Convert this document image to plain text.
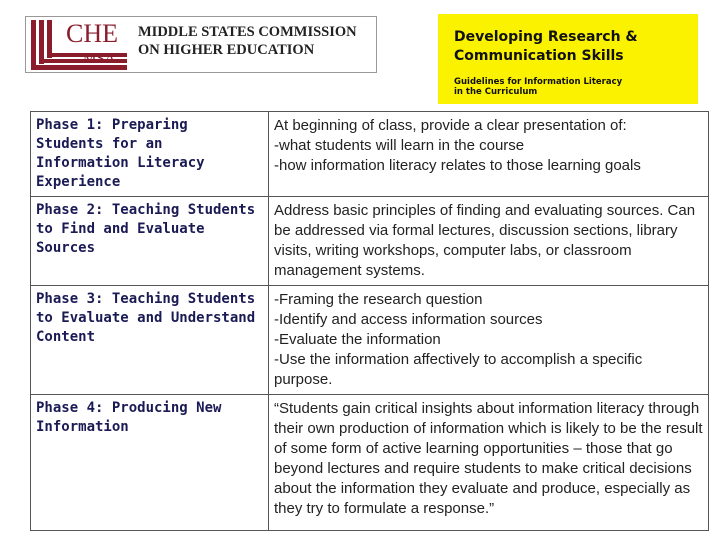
CHE
MSA
MIDDLE STATES COMMISSION
ON HIGHER EDUCATION
Developing Research &
Communication Skills
Guidelines for Information Literacy
in the Curriculum
Phase 1: Preparing Students for an Information Literacy Experience	At beginning of class, provide a clear presentation of:
-what students will learn in the course
-how information literacy relates to those learning goals

Phase 2: Teaching Students to Find and Evaluate Sources	Address basic principles of finding and evaluating sources. Can be addressed via formal lectures, discussion sections, library visits, writing workshops, computer labs, or classroom management systems.
Phase 3: Teaching Students to Evaluate and Understand Content	-Framing the research question
-Identify and access information sources
-Evaluate the information
-Use the information affectively to accomplish a specific purpose.

Phase 4: Producing New Information	“Students gain critical insights about information literacy through their own production of information which is likely to be the result of some form of active learning opportunities – those that go beyond lectures and require students to make critical decisions about the information they evaluate and produce, especially as they try to formulate a response.”
